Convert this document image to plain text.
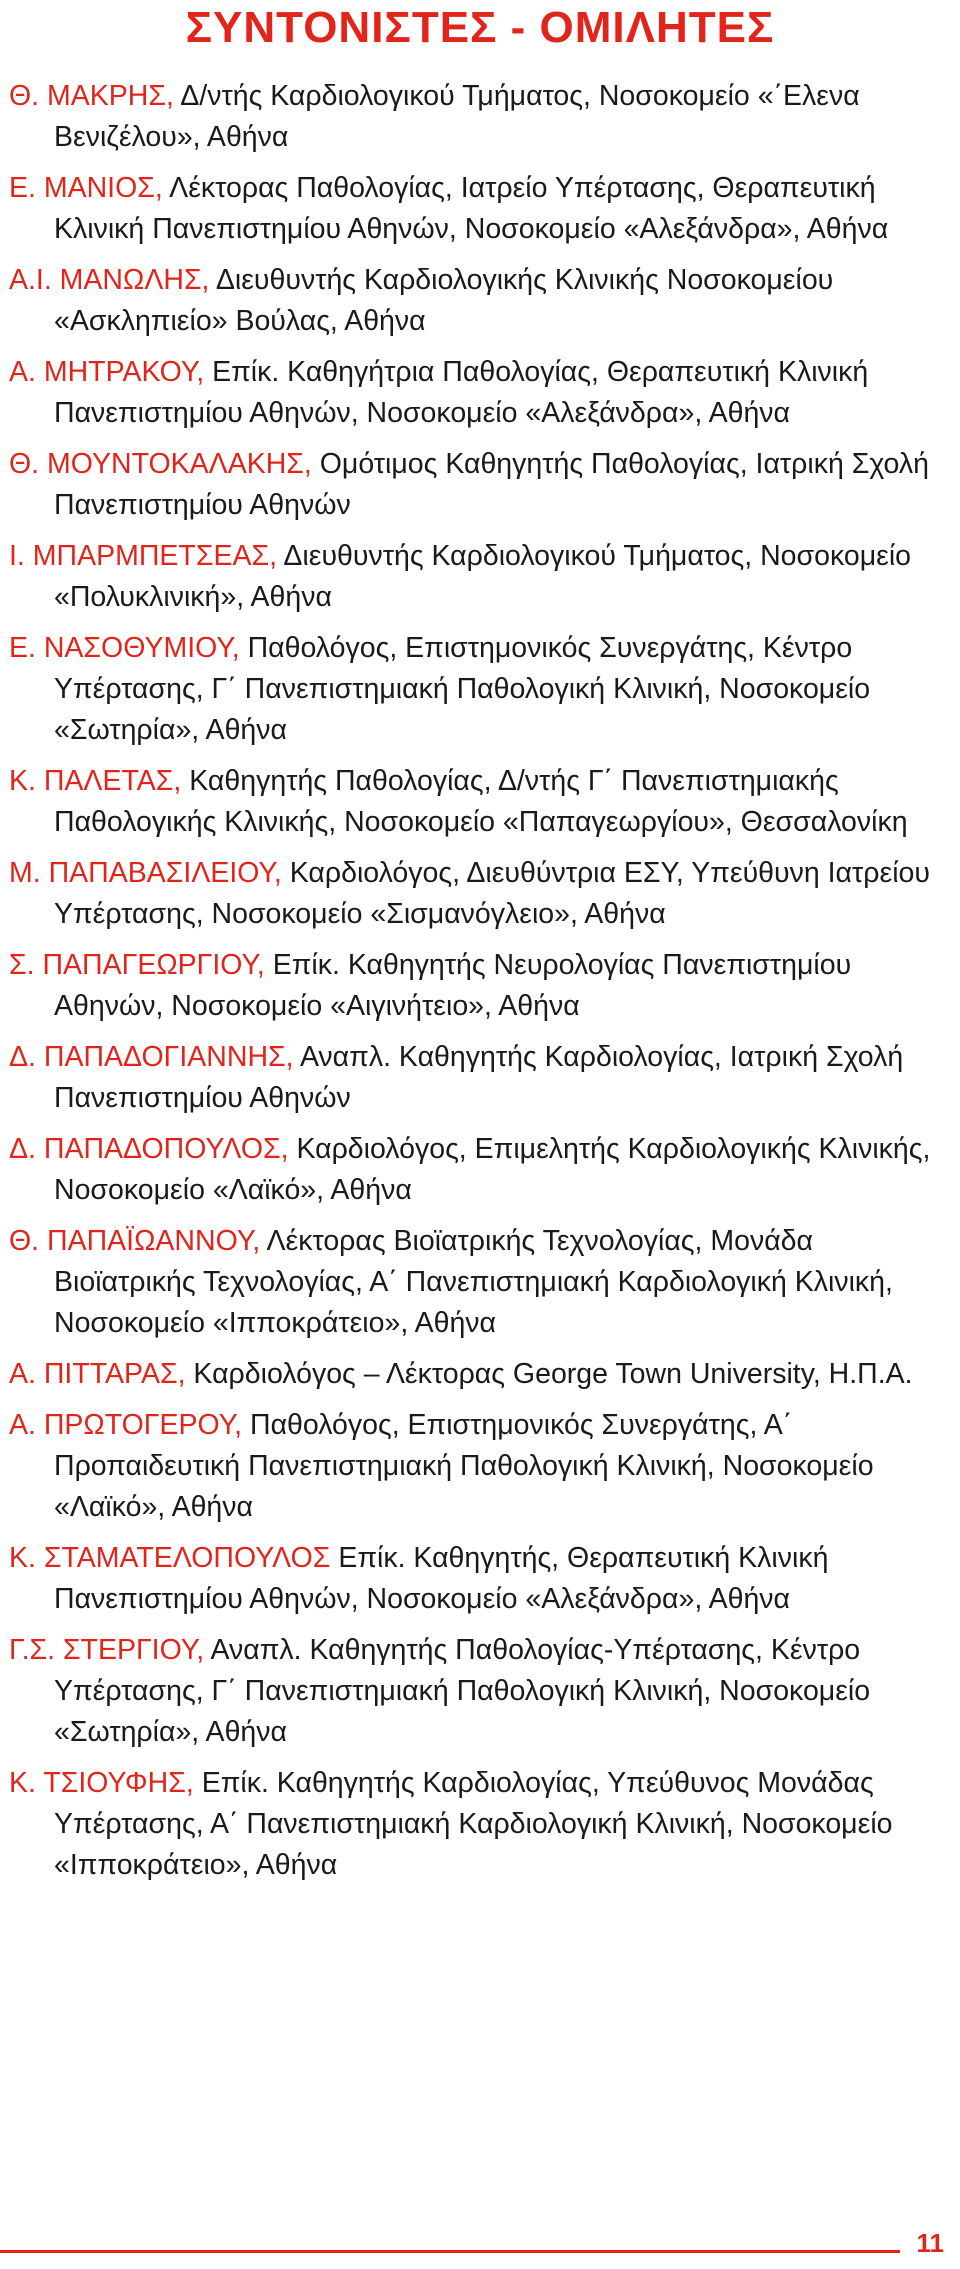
ΣΥΝΤΟΝΙΣΤΕΣ - ΟΜΙΛΗΤΕΣ
Θ. ΜΑΚΡΗΣ, Δ/ντής Καρδιολογικού Τμήματος, Νοσοκομείο «΄Ελενα Βενιζέλου», Αθήνα
Ε. ΜΑΝΙΟΣ, Λέκτορας Παθολογίας, Ιατρείο Υπέρτασης, Θεραπευτική Κλινική Πανεπιστημίου Αθηνών, Νοσοκομείο «Αλεξάνδρα», Αθήνα
Α.Ι. ΜΑΝΩΛΗΣ, Διευθυντής Καρδιολογικής Κλινικής Νοσοκομείου «Ασκληπιείο» Βούλας, Αθήνα
Α. ΜΗΤΡΑΚΟΥ, Επίκ. Καθηγήτρια Παθολογίας, Θεραπευτική Κλινική Πανεπιστημίου Αθηνών, Νοσοκομείο «Αλεξάνδρα», Αθήνα
Θ. ΜΟΥΝΤΟΚΑΛΑΚΗΣ, Ομότιμος Καθηγητής Παθολογίας, Ιατρική Σχολή Πανεπιστημίου Αθηνών
Ι. ΜΠΑΡΜΠΕΤΣΕΑΣ, Διευθυντής Καρδιολογικού Τμήματος, Νοσοκομείο «Πολυκλινική», Αθήνα
Ε. ΝΑΣΟΘΥΜΙΟΥ, Παθολόγος, Επιστημονικός Συνεργάτης, Κέντρο Υπέρτασης, Γ΄ Πανεπιστημιακή Παθολογική Κλινική, Νοσοκομείο «Σωτηρία», Αθήνα
Κ. ΠΑΛΕΤΑΣ, Καθηγητής Παθολογίας, Δ/ντής Γ΄ Πανεπιστημιακής Παθολογικής Κλινικής, Νοσοκομείο «Παπαγεωργίου», Θεσσαλονίκη
Μ. ΠΑΠΑΒΑΣΙΛΕΙΟΥ, Καρδιολόγος, Διευθύντρια ΕΣΥ, Υπεύθυνη Ιατρείου Υπέρτασης, Νοσοκομείο «Σισμανόγλειο», Αθήνα
Σ. ΠΑΠΑΓΕΩΡΓΙΟΥ, Επίκ. Καθηγητής Νευρολογίας Πανεπιστημίου Αθηνών, Νοσοκομείο «Αιγινήτειο», Αθήνα
Δ. ΠΑΠΑΔΟΓΙΑΝΝΗΣ, Αναπλ. Καθηγητής Καρδιολογίας, Ιατρική Σχολή Πανεπιστημίου Αθηνών
Δ. ΠΑΠΑΔΟΠΟΥΛΟΣ, Καρδιολόγος, Επιμελητής Καρδιολογικής Κλινικής, Νοσοκομείο «Λαϊκό», Αθήνα
Θ. ΠΑΠΑΪΩΑΝΝΟΥ, Λέκτορας Βιοϊατρικής Τεχνολογίας, Μονάδα Βιοϊατρικής Τεχνολογίας, Α΄ Πανεπιστημιακή Καρδιολογική Κλινική, Νοσοκομείο «Ιπποκράτειο», Αθήνα
Α. ΠΙΤΤΑΡΑΣ, Καρδιολόγος – Λέκτορας George Town University, Η.Π.Α.
Α. ΠΡΩΤΟΓΕΡΟΥ, Παθολόγος, Επιστημονικός Συνεργάτης, Α΄ Προπαιδευτική Πανεπιστημιακή Παθολογική Κλινική, Νοσοκομείο «Λαϊκό», Αθήνα
Κ. ΣΤΑΜΑΤΕΛΟΠΟΥΛΟΣ Επίκ. Καθηγητής, Θεραπευτική Κλινική Πανεπιστημίου Αθηνών, Νοσοκομείο «Αλεξάνδρα», Αθήνα
Γ.Σ. ΣΤΕΡΓΙΟΥ, Αναπλ. Καθηγητής Παθολογίας-Υπέρτασης, Κέντρο Υπέρτασης, Γ΄ Πανεπιστημιακή Παθολογική Κλινική, Νοσοκομείο «Σωτηρία», Αθήνα
Κ. ΤΣΙΟΥΦΗΣ, Επίκ. Καθηγητής Καρδιολογίας, Υπεύθυνος Μονάδας Υπέρτασης, Α΄ Πανεπιστημιακή Καρδιολογική Κλινική, Νοσοκομείο «Ιπποκράτειο», Αθήνα
11
